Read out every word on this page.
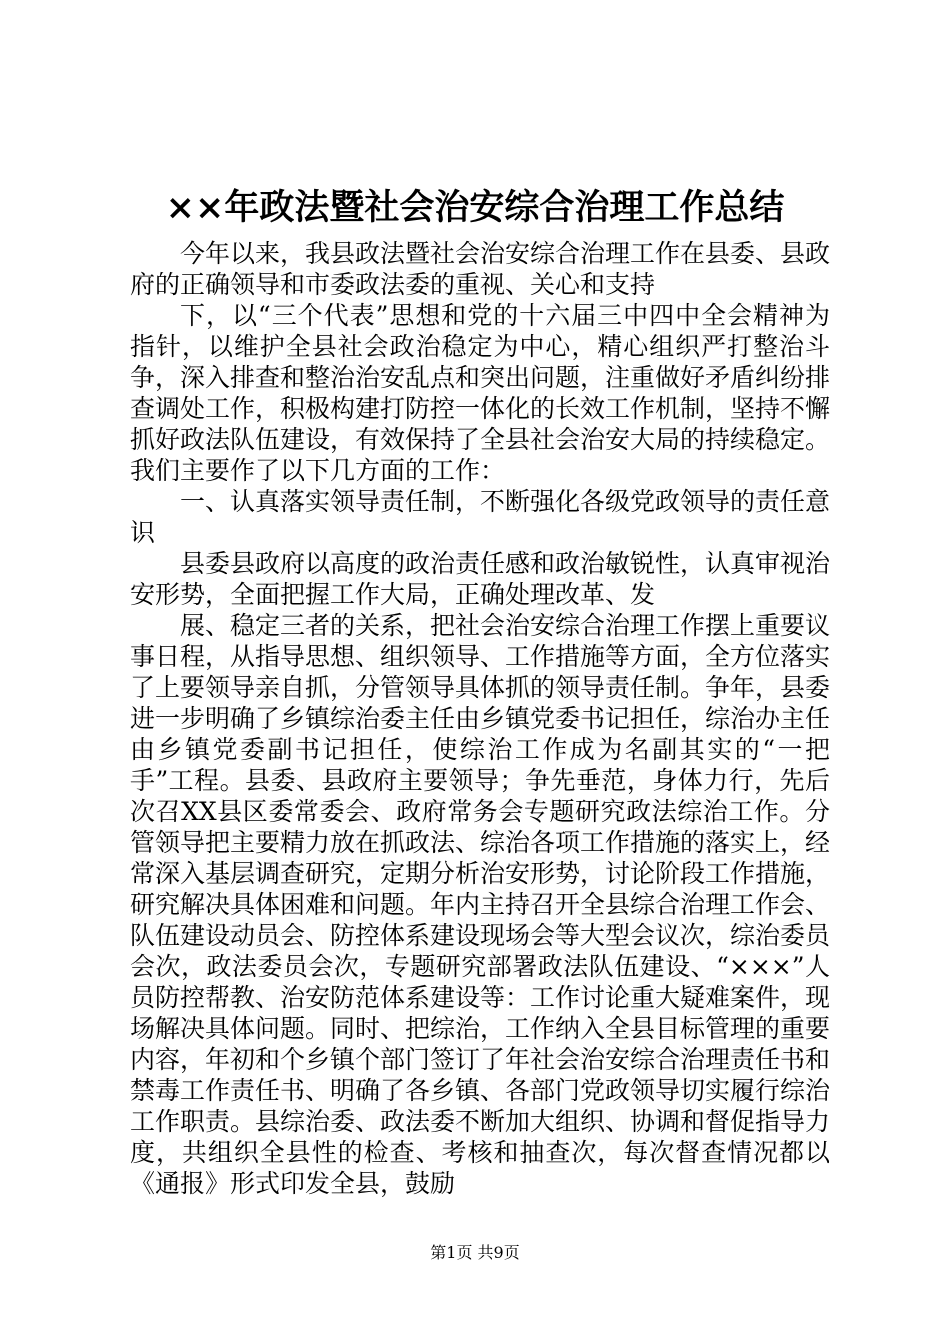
××年政法暨社会治安综合治理工作总结

今年以来，我县政法暨社会治安综合治理工作在县委、县政府的正确领导和市委政法委的重视、关心和支持

下，以“三个代表”思想和党的十六届三中四中全会精神为指针，以维护全县社会政治稳定为中心，精心组织严打整治斗争，深入排查和整治治安乱点和突出问题，注重做好矛盾纠纷排查调处工作，积极构建打防控一体化的长效工作机制，坚持不懈抓好政法队伍建设，有效保持了全县社会治安大局的持续稳定。我们主要作了以下几方面的工作：

一、认真落实领导责任制，不断强化各级党政领导的责任意识

县委县政府以高度的政治责任感和政治敏锐性，认真审视治安形势，全面把握工作大局，正确处理改革、发

展、稳定三者的关系，把社会治安综合治理工作摆上重要议事日程，从指导思想、组织领导、工作措施等方面，全方位落实了上要领导亲自抓，分管领导具体抓的领导责任制。争年，县委进一步明确了乡镇综治委主任由乡镇党委书记担任，综治办主任由乡镇党委副书记担任，使综治工作成为名副其实的“一把手”工程。县委、县政府主要领导；争先垂范，身体力行，先后次召XX县区委常委会、政府常务会专题研究政法综治工作。分管领导把主要精力放在抓政法、综治各项工作措施的落实上，经常深入基层调查研究，定期分析治安形势，讨论阶段工作措施，研究解决具体困难和问题。年内主持召开全县综合治理工作会、队伍建设动员会、防控体系建设现场会等大型会议次，综治委员会次，政法委员会次，专题研究部署政法队伍建设、“×××”人员防控帮教、治安防范体系建设等：工作讨论重大疑难案件，现场解决具体问题。同时、把综治，工作纳入全县目标管理的重要内容，年初和个乡镇个部门签订了年社会治安综合治理责任书和禁毒工作责任书、明确了各乡镇、各部门党政领导切实履行综治工作职责。县综治委、政法委不断加大组织、协调和督促指导力度，共组织全县性的检查、考核和抽查次，每次督查情况都以《通报》形式印发全县，鼓励

第1页 共9页
